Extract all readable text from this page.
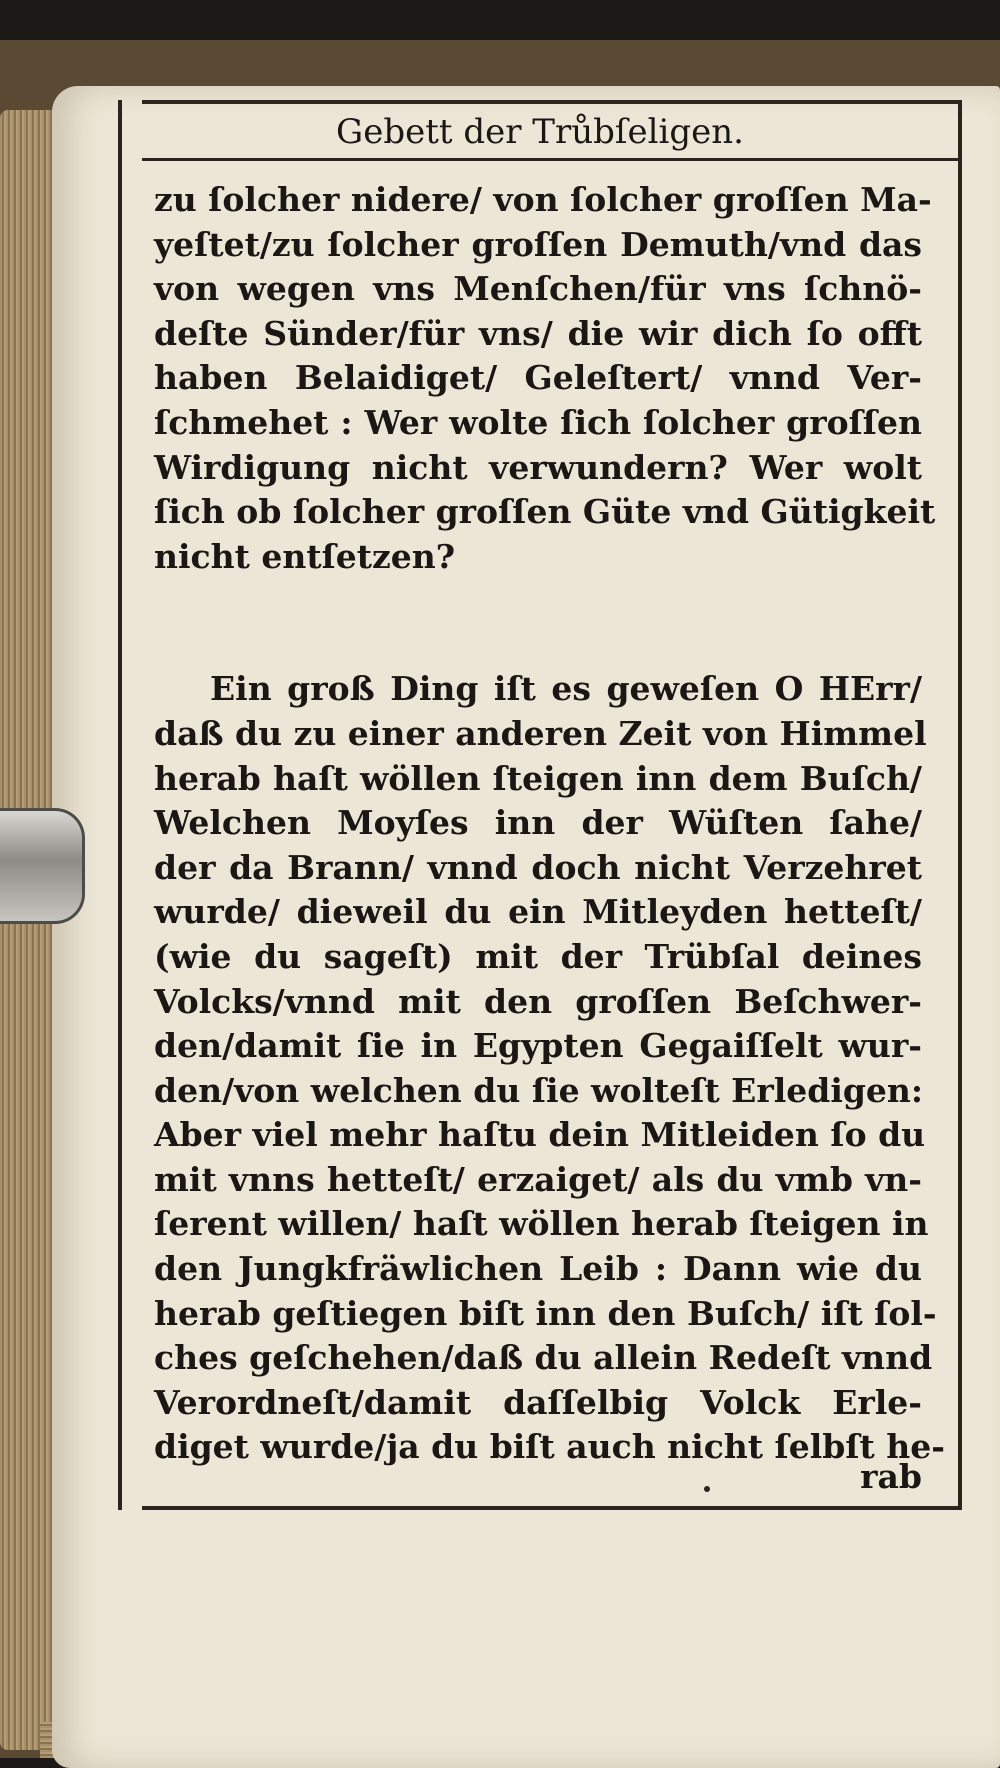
Gebett der Trůbſeligen.
zu ſolcher nidere/ von ſolcher groſſen Ma-
yeſtet/zu ſolcher groſſen Demuth/vnd das
von wegen vns Menſchen/für vns ſchnö-
deſte Sünder/für vns/ die wir dich ſo offt
haben Belaidiget/ Geleſtert/ vnnd Ver-
ſchmehet : Wer wolte ſich ſolcher groſſen
Wirdigung nicht verwundern? Wer wolt
ſich ob ſolcher groſſen Güte vnd Gütigkeit
nicht entſetzen?
Ein groß Ding iſt es geweſen O HErr/
daß du zu einer anderen Zeit von Himmel
herab haſt wöllen ſteigen inn dem Buſch/
Welchen Moyſes inn der Wüſten ſahe/
der da Brann/ vnnd doch nicht Verzehret
wurde/ dieweil du ein Mitleyden hetteſt/
(wie du sageſt) mit der Trübſal deines
Volcks/vnnd mit den groſſen Beſchwer-
den/damit ſie in Egypten Gegaiſſelt wur-
den/von welchen du ſie wolteſt Erledigen:
Aber viel mehr haſtu dein Mitleiden ſo du
mit vnns hetteſt/ erzaiget/ als du vmb vn-
ſerent willen/ haſt wöllen herab ſteigen in
den Jungkfräwlichen Leib : Dann wie du
herab geſtiegen biſt inn den Buſch/ iſt ſol-
ches geſchehen/daß du allein Redeſt vnnd
Verordneſt/damit daſſelbig Volck Erle-
diget wurde/ja du biſt auch nicht ſelbſt he-
rab
